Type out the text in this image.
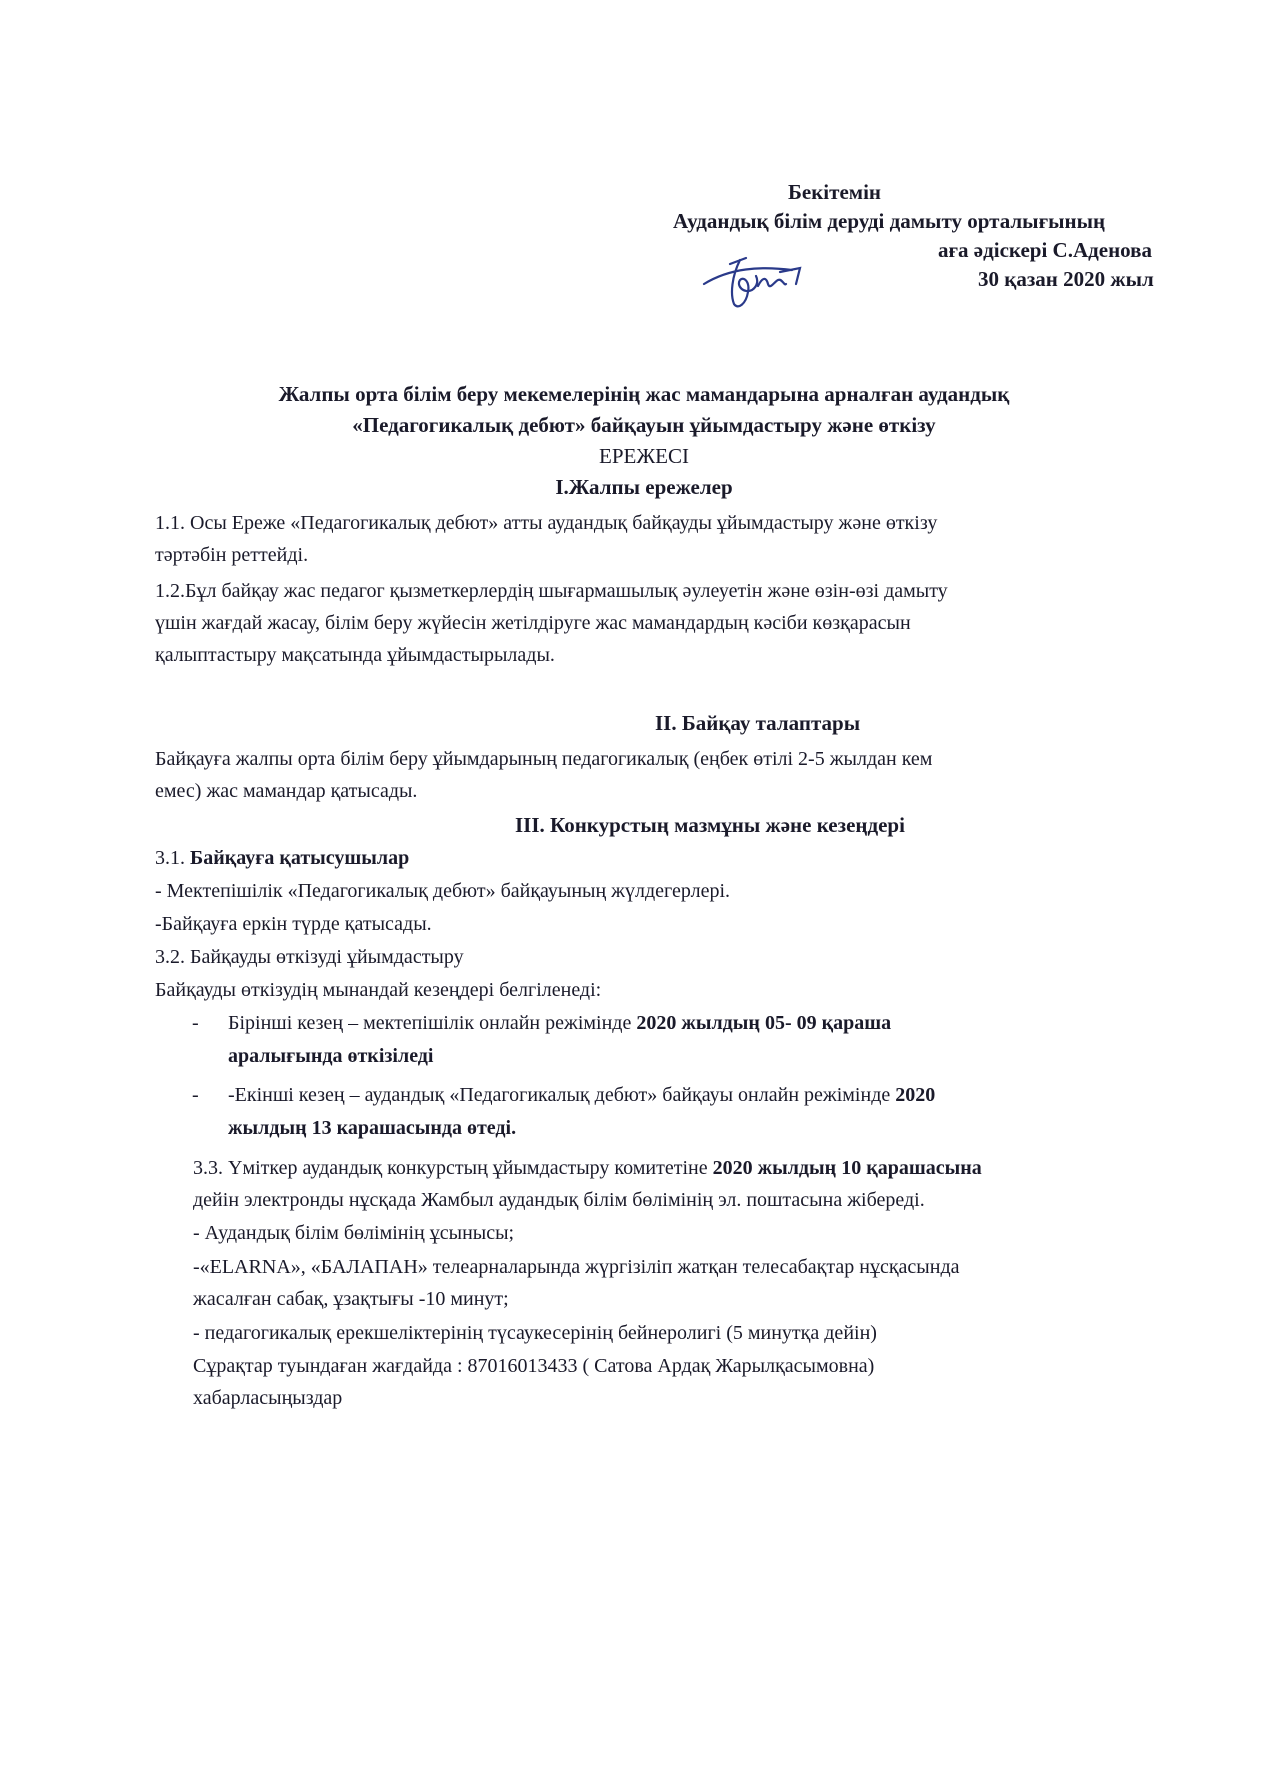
Бекітемін
Аудандық білім деруді дамыту орталығының
аға әдіскері С.Аденова
30 қазан 2020 жыл
Жалпы орта білім беру мекемелерінің жас мамандарына арналған аудандық
«Педагогикалық дебют» байқауын ұйымдастыру және өткізу
ЕРЕЖЕСІ
І.Жалпы ережелер
1.1. Осы Ереже «Педагогикалық дебют» атты аудандық байқауды ұйымдастыру және өткізу
тәртәбін реттейді.
1.2.Бұл байқау жас педагог қызметкерлердің шығармашылық әулеуетін және өзін-өзі дамыту
үшін жағдай жасау, білім беру жүйесін жетілдіруге жас мамандардың кәсіби көзқарасын
қалыптастыру мақсатында ұйымдастырылады.
ІІ. Байқау талаптары
Байқауға жалпы орта білім беру ұйымдарының педагогикалық (еңбек өтілі 2-5 жылдан кем
емес) жас мамандар қатысады.
ІІІ. Конкурстың мазмұны және кезеңдері
3.1. Байқауға қатысушылар
- Мектепішілік «Педагогикалық дебют» байқауының жүлдегерлері.
-Байқауға еркін түрде қатысады.
3.2. Байқауды өткізуді ұйымдастыру
Байқауды өткізудің мынандай кезеңдері белгіленеді:
- Бірінші кезең – мектепішілік онлайн режімінде 2020 жылдың 05- 09 қараша
аралығында өткізіледі
- -Екінші кезең – аудандық «Педагогикалық дебют» байқауы онлайн режімінде 2020
жылдың 13 карашасында өтеді.
3.3. Үміткер аудандық конкурстың ұйымдастыру комитетіне 2020 жылдың 10 қарашасына
дейін электронды нұсқада Жамбыл аудандық білім бөлімінің эл. поштасына жібереді.
- Аудандық білім бөлімінің ұсынысы;
-«ELARNA», «БАЛАПАН» телеарналарында жүргізіліп жатқан телесабақтар нұсқасында
жасалған сабақ, ұзақтығы -10 минут;
- педагогикалық ерекшеліктерінің түсаукесерінің бейнеролигі (5 минутқа дейін)
Сұрақтар туындаған жағдайда : 87016013433 ( Сатова Ардақ Жарылқасымовна)
хабарласыңыздар
